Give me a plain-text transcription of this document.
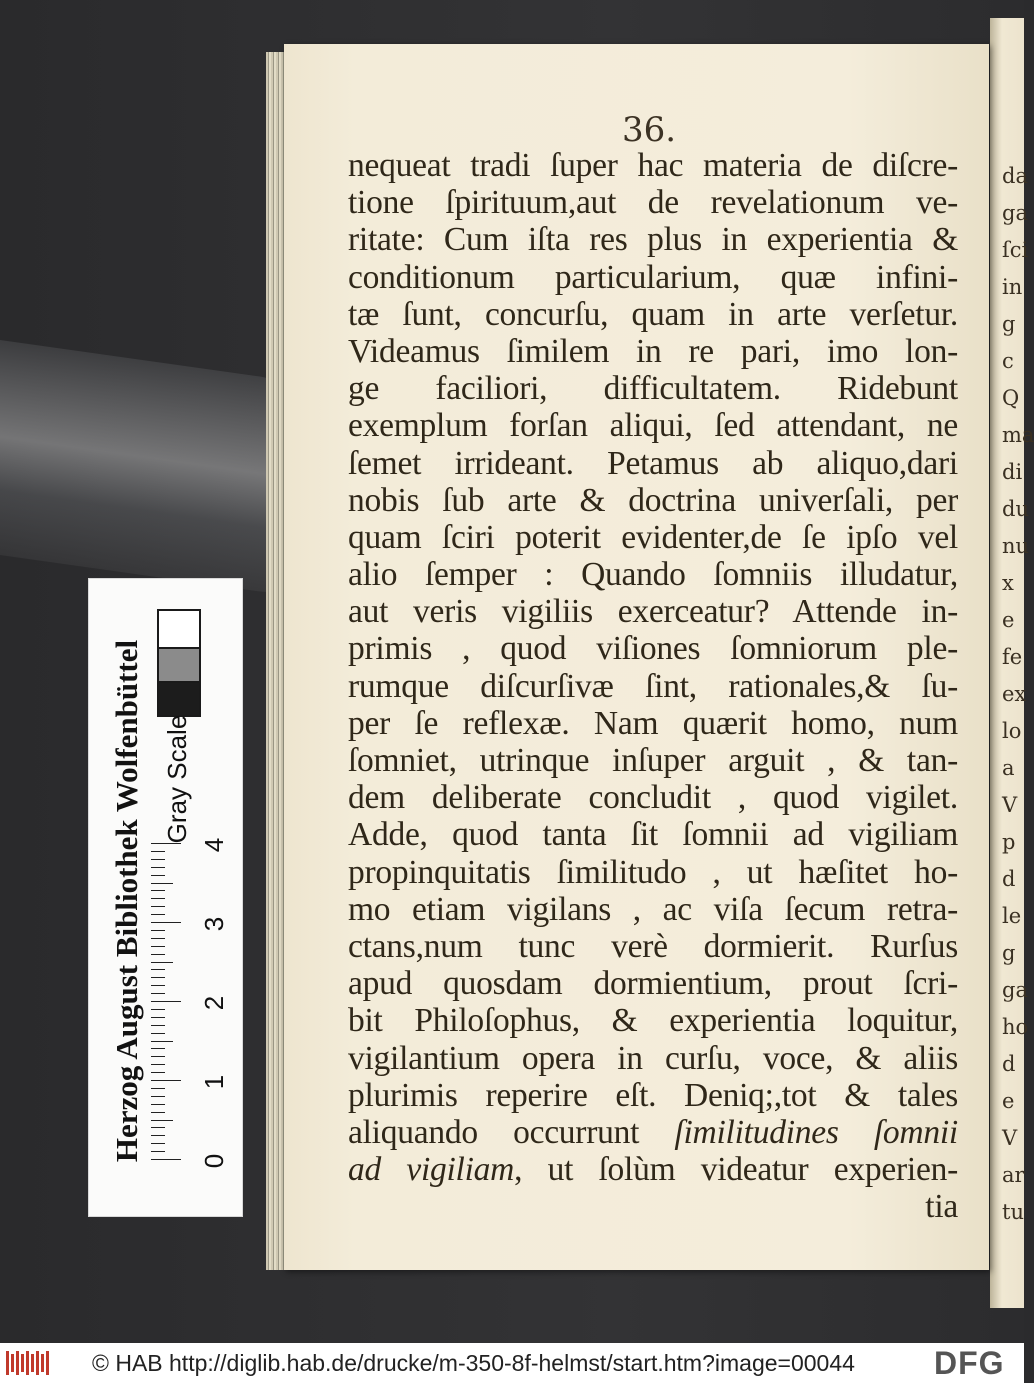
da
ga
ſci
in
g
c
Q
ma
di
du
nu
x
e
fe
ex
lo
a
V
p
d
le
g
ga
ho
d
e
V
ar
tu
36.
nequeat tradi ſuper hac materia de diſcre-
tione ſpirituum,aut de revelationum ve-
ritate: Cum iſta res plus in experientia &
conditionum particularium, quæ infini-
tæ ſunt, concurſu, quam in arte verſetur.
Videamus ſimilem in re pari, imo lon-
ge faciliori, difficultatem. Ridebunt
exemplum forſan aliqui, ſed attendant, ne
ſemet irrideant. Petamus ab aliquo,dari
nobis ſub arte & doctrina univerſali, per
quam ſciri poterit evidenter,de ſe ipſo vel
alio ſemper : Quando ſomniis illudatur,
aut veris vigiliis exerceatur? Attende in-
primis , quod viſiones ſomniorum ple-
rumque diſcurſivæ ſint, rationales,& ſu-
per ſe reflexæ. Nam quærit homo, num
ſomniet, utrinque inſuper arguit , & tan-
dem deliberate concludit , quod vigilet.
Adde, quod tanta ſit ſomnii ad vigiliam
propinquitatis ſimilitudo , ut hæſitet ho-
mo etiam vigilans , ac viſa ſecum retra-
ctans,num tunc verè dormierit. Rurſus
apud quosdam dormientium, prout ſcri-
bit Philoſophus, & experientia loquitur,
vigilantium opera in curſu, voce, & aliis
plurimis reperire eſt. Deniq;,tot & tales
aliquando occurrunt ſimilitudines ſomnii
ad vigiliam, ut ſolùm videatur experien-
tia
Herzog August Bibliothek Wolfenbüttel Gray Scale
0
1
2
3
4
© HAB http://diglib.hab.de/drucke/m-350-8f-helmst/start.htm?image=00044 DFG
